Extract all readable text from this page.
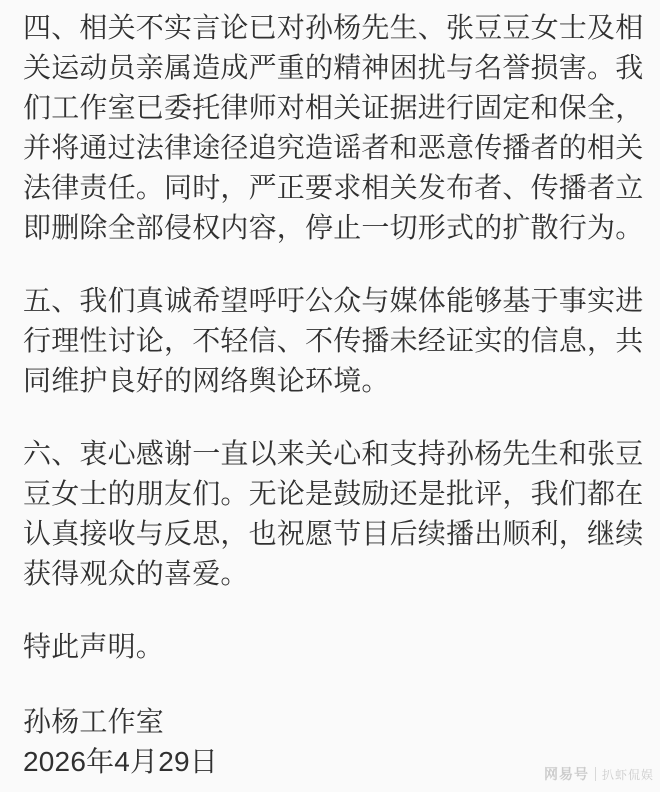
四、相关不实言论已对孙杨先生、张豆豆女士及相
关运动员亲属造成严重的精神困扰与名誉损害。我
们工作室已委托律师对相关证据进行固定和保全，
并将通过法律途径追究造谣者和恶意传播者的相关
法律责任。同时，严正要求相关发布者、传播者立
即删除全部侵权内容，停止一切形式的扩散行为。
五、我们真诚希望呼吁公众与媒体能够基于事实进
行理性讨论，不轻信、不传播未经证实的信息，共
同维护良好的网络舆论环境。
六、衷心感谢一直以来关心和支持孙杨先生和张豆
豆女士的朋友们。无论是鼓励还是批评，我们都在
认真接收与反思，也祝愿节目后续播出顺利，继续
获得观众的喜爱。
特此声明。
孙杨工作室
2026年4月29日	网易号 扒虾侃娱
